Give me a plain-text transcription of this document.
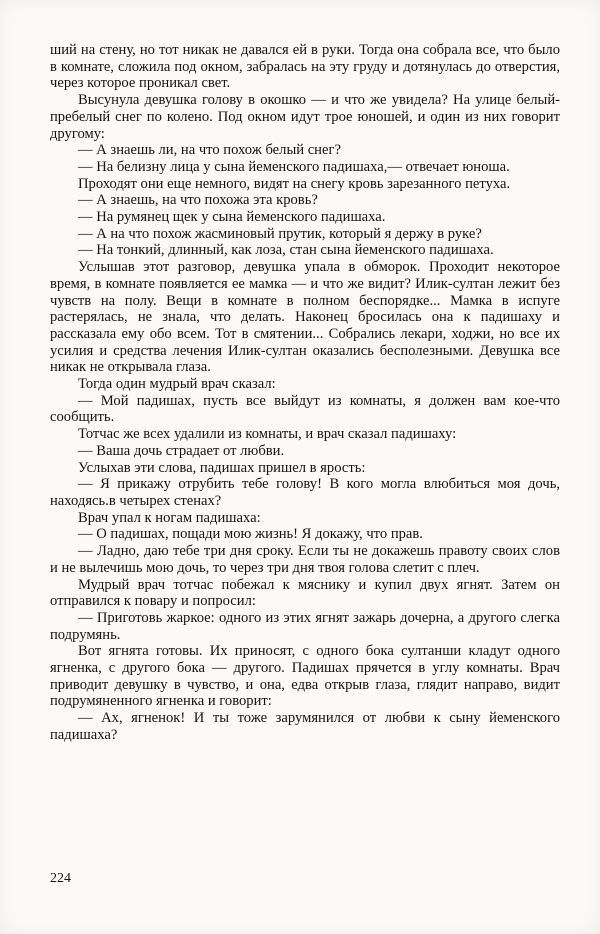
ший на стену, но тот никак не давался ей в руки. Тогда она собрала все, что было в комнате, сложила под окном, забралась на эту груду и дотянулась до отверстия, через которое проникал свет.

Высунула девушка голову в окошко — и что же увидела? На улице белый-пребелый снег по колено. Под окном идут трое юношей, и один из них говорит другому:

— А знаешь ли, на что похож белый снег?

— На белизну лица у сына йеменского падишаха,— отвечает юноша.

Проходят они еще немного, видят на снегу кровь зарезанного петуха.

— А знаешь, на что похожа эта кровь?

— На румянец щек у сына йеменского падишаха.

— А на что похож жасминовый прутик, который я держу в руке?

— На тонкий, длинный, как лоза, стан сына йеменского падишаха.

Услышав этот разговор, девушка упала в обморок. Проходит некоторое время, в комнате появляется ее мамка — и что же видит? Илик-султан лежит без чувств на полу. Вещи в комнате в полном беспорядке... Мамка в испуге растерялась, не знала, что делать. Наконец бросилась она к падишаху и рассказала ему обо всем. Тот в смятении... Собрались лекари, ходжи, но все их усилия и средства лечения Илик-султан оказались бесполезными. Девушка все никак не открывала глаза.

Тогда один мудрый врач сказал:

— Мой падишах, пусть все выйдут из комнаты, я должен вам кое-что сообщить.

Тотчас же всех удалили из комнаты, и врач сказал падишаху:

— Ваша дочь страдает от любви.

Услыхав эти слова, падишах пришел в ярость:

— Я прикажу отрубить тебе голову! В кого могла влюбиться моя дочь, находясь.в четырех стенах?

Врач упал к ногам падишаха:

— О падишах, пощади мою жизнь! Я докажу, что прав.

— Ладно, даю тебе три дня сроку. Если ты не докажешь правоту своих слов и не вылечишь мою дочь, то через три дня твоя голова слетит с плеч.

Мудрый врач тотчас побежал к мяснику и купил двух ягнят. Затем он отправился к повару и попросил:

— Приготовь жаркое: одного из этих ягнят зажарь дочерна, а другого слегка подрумянь.

Вот ягнята готовы. Их приносят, с одного бока султанши кладут одного ягненка, с другого бока — другого. Падишах прячется в углу комнаты. Врач приводит девушку в чувство, и она, едва открыв глаза, глядит направо, видит подрумяненного ягненка и говорит:

— Ах, ягненок! И ты тоже зарумянился от любви к сыну йеменского падишаха?

224
